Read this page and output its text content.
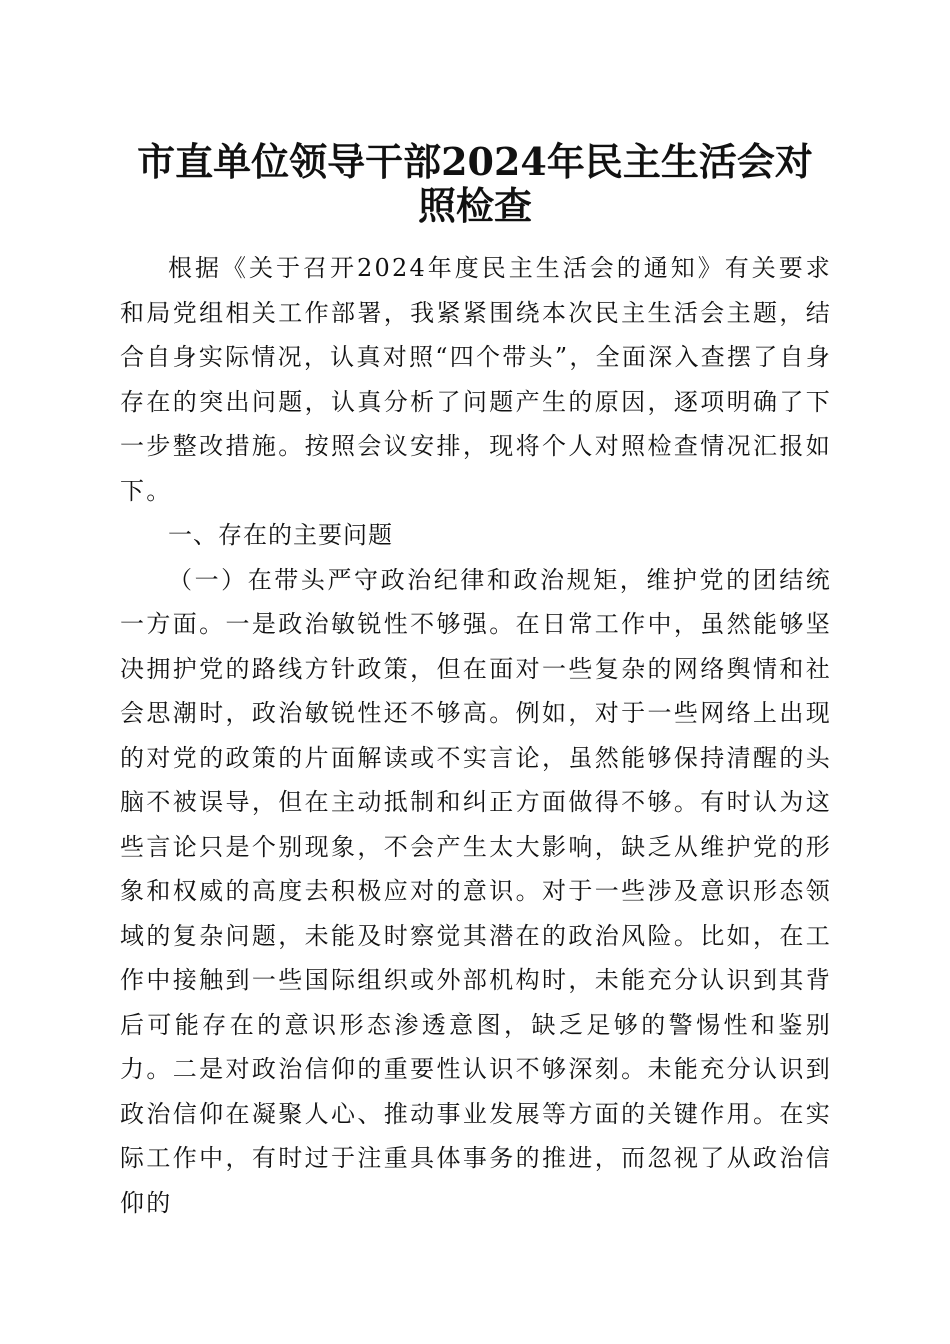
市直单位领导干部2024年民主生活会对照检查

根据《关于召开2024年度民主生活会的通知》有关要求和局党组相关工作部署，我紧紧围绕本次民主生活会主题，结合自身实际情况，认真对照“四个带头”，全面深入查摆了自身存在的突出问题，认真分析了问题产生的原因，逐项明确了下一步整改措施。按照会议安排，现将个人对照检查情况汇报如下。

一、存在的主要问题

（一）在带头严守政治纪律和政治规矩，维护党的团结统一方面。一是政治敏锐性不够强。在日常工作中，虽然能够坚决拥护党的路线方针政策，但在面对一些复杂的网络舆情和社会思潮时，政治敏锐性还不够高。例如，对于一些网络上出现的对党的政策的片面解读或不实言论，虽然能够保持清醒的头脑不被误导，但在主动抵制和纠正方面做得不够。有时认为这些言论只是个别现象，不会产生太大影响，缺乏从维护党的形象和权威的高度去积极应对的意识。对于一些涉及意识形态领域的复杂问题，未能及时察觉其潜在的政治风险。比如，在工作中接触到一些国际组织或外部机构时，未能充分认识到其背后可能存在的意识形态渗透意图，缺乏足够的警惕性和鉴别力。二是对政治信仰的重要性认识不够深刻。未能充分认识到政治信仰在凝聚人心、推动事业发展等方面的关键作用。在实际工作中，有时过于注重具体事务的推进，而忽视了从政治信仰的
